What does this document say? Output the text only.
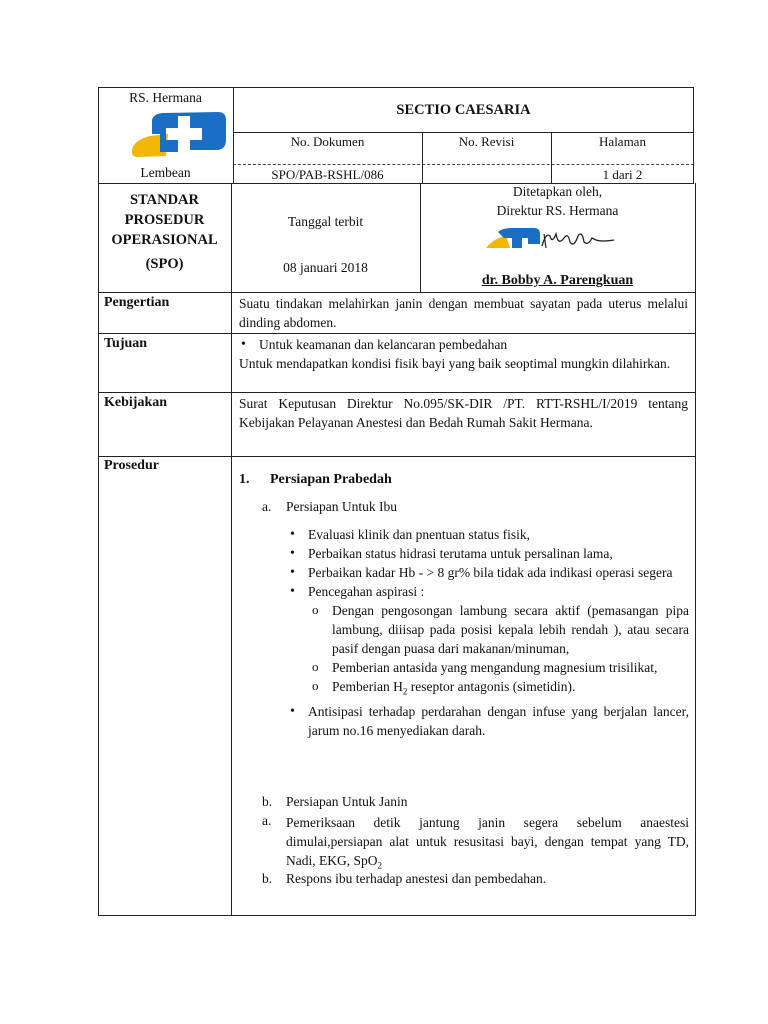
RS. Hermana
Lembean
SECTIO CAESARIA
No. Dokumen	No. Revisi	Halaman
SPO/PAB-RSHL/086	1 dari 2
STANDAR
PROSEDUR
OPERASIONAL
(SPO)
Tanggal terbit
08 januari 2018
Ditetapkan oleh,
Direktur RS. Hermana
dr. Bobby A. Parengkuan
Pengertian	Suatu tindakan melahirkan janin dengan membuat sayatan pada uterus melalui dinding abdomen.
Tujuan
•	Untuk keamanan dan kelancaran pembedahan
Untuk mendapatkan kondisi fisik bayi yang baik seoptimal mungkin dilahirkan.
Kebijakan	Surat Keputusan Direktur No.095/SK-DIR /PT. RTT-RSHL/I/2019 tentang Kebijakan Pelayanan Anestesi dan Bedah Rumah Sakit Hermana.
Prosedur
1. Persiapan Prabedah
a. Persiapan Untuk Ibu
• Evaluasi klinik dan pnentuan status fisik,
• Perbaikan status hidrasi terutama untuk persalinan lama,
• Perbaikan kadar Hb - > 8 gr% bila tidak ada indikasi operasi segera
• Pencegahan aspirasi :
o Dengan pengosongan lambung secara aktif (pemasangan pipa lambung, diiisap pada posisi kepala lebih rendah ), atau secara pasif dengan puasa dari makanan/minuman,
o Pemberian antasida yang mengandung magnesium trisilikat,
o Pemberian $H_2$ reseptor antagonis (simetidin).
• Antisipasi terhadap perdarahan dengan infuse yang berjalan lancer, jarum no.16 menyediakan darah.
b. Persiapan Untuk Janin
a. Pemeriksaan detik jantung janin segera sebelum anaestesi dimulai,persiapan alat untuk resusitasi bayi, dengan tempat yang TD, Nadi, EKG, SpO$_2$
b. Respons ibu terhadap anestesi dan pembedahan.
